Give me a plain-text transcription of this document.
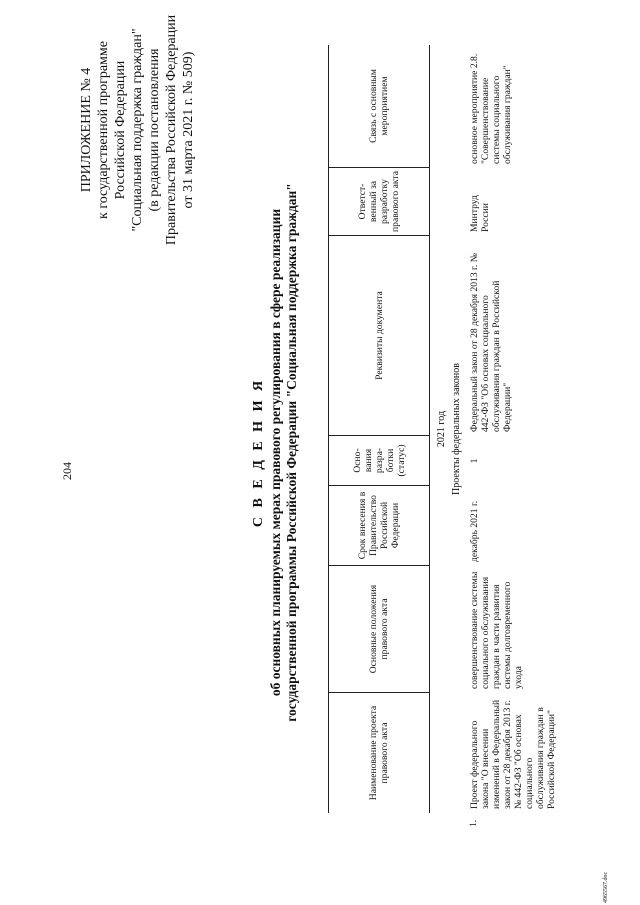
204
ПРИЛОЖЕНИЕ № 4 к государственной программе Российской Федерации "Социальная поддержка граждан" (в редакции постановления Правительства Российской Федерации от 31 марта 2021 г. № 509)
С В Е Д Е Н И Я об основных планируемых мерах правового регулирования в сфере реализации государственной программы Российской Федерации "Социальная поддержка граждан"
Наименование проекта правового акта
Основные положения правового акта
Срок внесения в Правительство Российской Федерации
Осно-вания разра-ботки (статус)
Реквизиты документа
Ответст-венный за разработку правового акта
Связь с основным мероприятием
2021 год Проекты федеральных законов
1.
Проект федерального закона "О внесении изменений в Федеральный закон от 28 декабря 2013 г. № 442-ФЗ "Об основах социального обслуживания граждан в Российской Федерации"
совершенствование системы социального обслуживания граждан в части развития системы долговременного ухода
декабрь 2021 г.
1
Федеральный закон от 28 декабря 2013 г. № 442-ФЗ "Об основах социального обслуживания граждан в Российской Федерации"
Минтруд России
основное мероприятие 2.8. "Совершенствование системы социального обслуживания граждан"
4965567.doc
